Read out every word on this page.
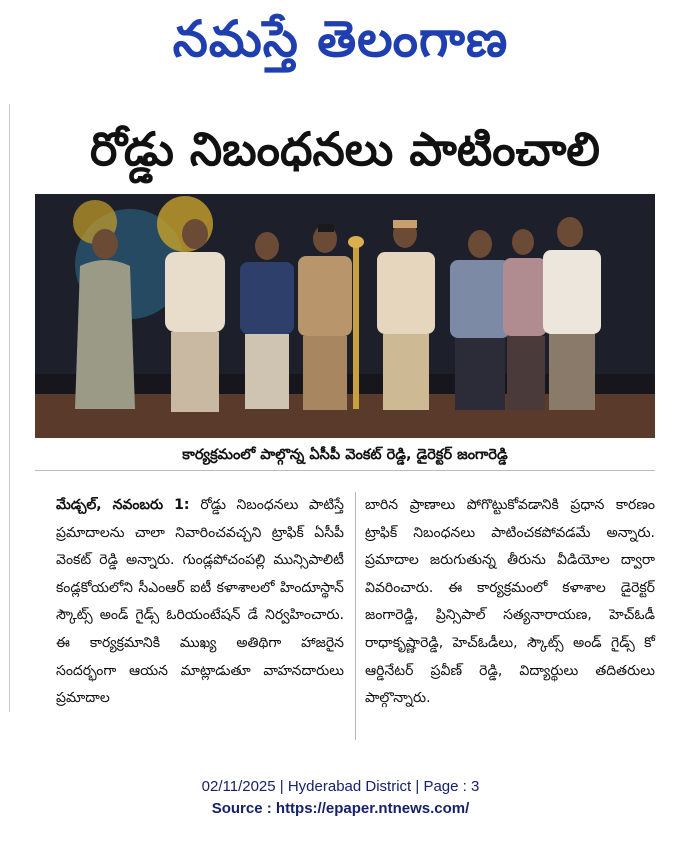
నమస్తే తెలంగాణ
రోడ్డు నిబంధనలు పాటించాలి
కార్యక్రమంలో పాల్గొన్న ఏసీపీ వెంకట్ రెడ్డి, డైరెక్టర్ జంగారెడ్డి
మేడ్చల్, నవంబరు 1: రోడ్డు నిబంధనలు పాటిస్తే ప్రమాదాలను చాలా నివారించవచ్చని ట్రాఫిక్ ఏసీపీ వెంకట్ రెడ్డి అన్నారు. గుండ్లపోచంపల్లి మున్సిపాలిటీ కండ్లకోయలోని సీఎంఆర్ ఐటీ కళాశాలలో హిందూస్థాన్ స్కౌట్స్ అండ్ గైడ్స్ ఓరియంటేషన్ డే నిర్వహించారు. ఈ కార్యక్రమానికి ముఖ్య అతిథిగా హాజరైన సందర్భంగా ఆయన మాట్లాడుతూ వాహనదారులు ప్రమాదాల
బారిన ప్రాణాలు పోగొట్టుకోవడానికి ప్రధాన కారణం ట్రాఫిక్ నిబంధనలు పాటించకపోవడమే అన్నారు. ప్రమాదాల జరుగుతున్న తీరును వీడియోల ద్వారా వివరించారు. ఈ కార్యక్రమంలో కళాశాల డైరెక్టర్ జంగారెడ్డి, ప్రిన్సిపాల్ సత్యనారాయణ, హెచ్ఓడీ రాధాకృష్ణారెడ్డి, హెచ్ఓడీలు, స్కౌట్స్ అండ్ గైడ్స్ కో ఆర్డినేటర్ ప్రవీణ్ రెడ్డి, విద్యార్థులు తదితరులు పాల్గొన్నారు.
02/11/2025 | Hyderabad District | Page : 3
Source : https://epaper.ntnews.com/
